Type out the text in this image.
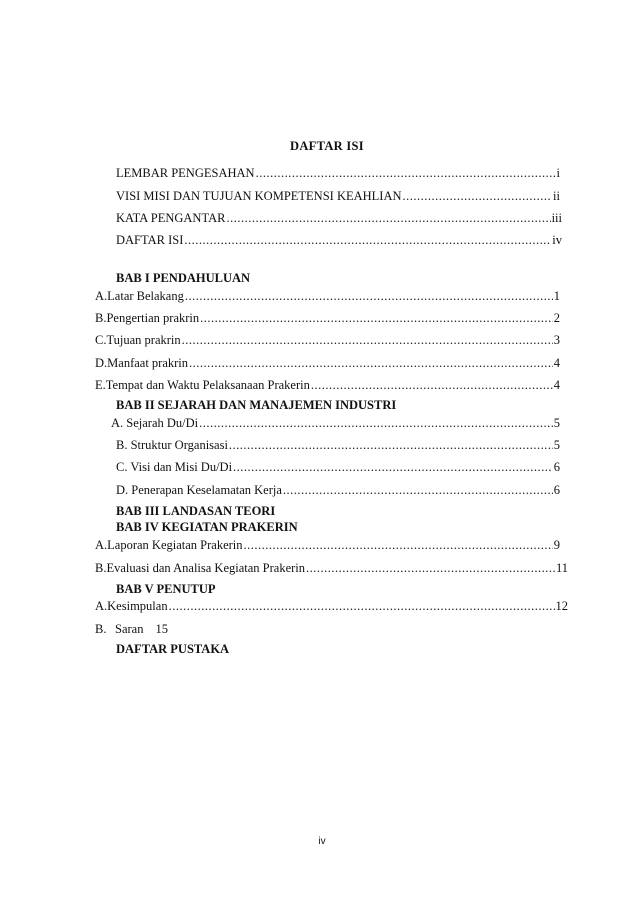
DAFTAR ISI
LEMBAR PENGESAHAN .....	i
VISI MISI DAN TUJUAN KOMPETENSI KEAHLIAN .....	ii
KATA PENGANTAR .....	iii
DAFTAR ISI .....	iv
BAB I PENDAHULUAN
A. Latar Belakang .....	1
B. Pengertian prakrin .....	2
C. Tujuan prakrin .....	3
D. Manfaat prakrin .....	4
E. Tempat dan Waktu Pelaksanaan Prakerin .....	4
BAB II SEJARAH DAN MANAJEMEN INDUSTRI
A. Sejarah Du/Di .....	5
B. Struktur Organisasi .....	5
C. Visi dan Misi Du/Di .....	6
D. Penerapan Keselamatan Kerja .....	6
BAB III LANDASAN TEORI
BAB IV KEGIATAN PRAKERIN
A. Laporan Kegiatan Prakerin .....	9
B. Evaluasi dan Analisa Kegiatan Prakerin .....	11
BAB V PENUTUP
A. Kesimpulan .....	12
B. Saran 15
DAFTAR PUSTAKA
iv
